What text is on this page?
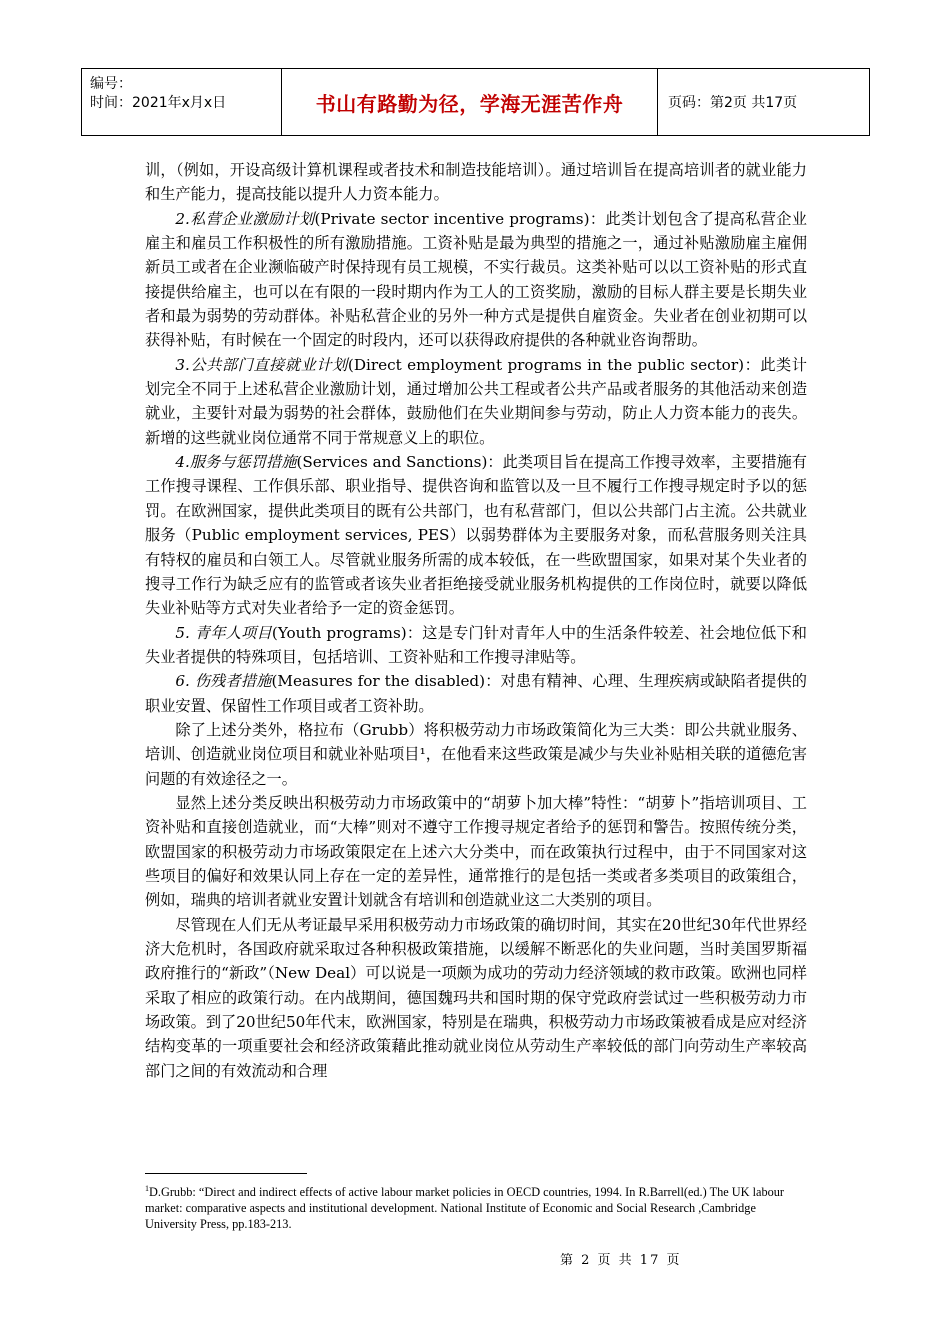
编号：
时间：2021年x月x日	书山有路勤为径，学海无涯苦作舟	页码：第2页 共17页

训，（例如，开设高级计算机课程或者技术和制造技能培训）。通过培训旨在提高培训者的就业能力和生产能力，提高技能以提升人力资本能力。

2.私营企业激励计划(Private sector incentive programs)：此类计划包含了提高私营企业雇主和雇员工作积极性的所有激励措施。工资补贴是最为典型的措施之一，通过补贴激励雇主雇佣新员工或者在企业濒临破产时保持现有员工规模，不实行裁员。这类补贴可以以工资补贴的形式直接提供给雇主，也可以在有限的一段时期内作为工人的工资奖励，激励的目标人群主要是长期失业者和最为弱势的劳动群体。补贴私营企业的另外一种方式是提供自雇资金。失业者在创业初期可以获得补贴，有时候在一个固定的时段内，还可以获得政府提供的各种就业咨询帮助。

3.公共部门直接就业计划(Direct employment programs in the public sector)：此类计划完全不同于上述私营企业激励计划，通过增加公共工程或者公共产品或者服务的其他活动来创造就业，主要针对最为弱势的社会群体，鼓励他们在失业期间参与劳动，防止人力资本能力的丧失。新增的这些就业岗位通常不同于常规意义上的职位。

4.服务与惩罚措施(Services and Sanctions)：此类项目旨在提高工作搜寻效率，主要措施有工作搜寻课程、工作俱乐部、职业指导、提供咨询和监管以及一旦不履行工作搜寻规定时予以的惩罚。在欧洲国家，提供此类项目的既有公共部门，也有私营部门，但以公共部门占主流。公共就业服务（Public employment services, PES）以弱势群体为主要服务对象，而私营服务则关注具有特权的雇员和白领工人。尽管就业服务所需的成本较低，在一些欧盟国家，如果对某个失业者的搜寻工作行为缺乏应有的监管或者该失业者拒绝接受就业服务机构提供的工作岗位时，就要以降低失业补贴等方式对失业者给予一定的资金惩罚。

5. 青年人项目(Youth programs)：这是专门针对青年人中的生活条件较差、社会地位低下和失业者提供的特殊项目，包括培训、工资补贴和工作搜寻津贴等。

6. 伤残者措施(Measures for the disabled)：对患有精神、心理、生理疾病或缺陷者提供的职业安置、保留性工作项目或者工资补助。

除了上述分类外，格拉布（Grubb）将积极劳动力市场政策简化为三大类：即公共就业服务、培训、创造就业岗位项目和就业补贴项目¹，在他看来这些政策是减少与失业补贴相关联的道德危害问题的有效途径之一。

显然上述分类反映出积极劳动力市场政策中的“胡萝卜加大棒”特性：“胡萝卜”指培训项目、工资补贴和直接创造就业，而“大棒”则对不遵守工作搜寻规定者给予的惩罚和警告。按照传统分类，欧盟国家的积极劳动力市场政策限定在上述六大分类中，而在政策执行过程中，由于不同国家对这些项目的偏好和效果认同上存在一定的差异性，通常推行的是包括一类或者多类项目的政策组合，例如，瑞典的培训者就业安置计划就含有培训和创造就业这二大类别的项目。

尽管现在人们无从考证最早采用积极劳动力市场政策的确切时间，其实在20世纪30年代世界经济大危机时，各国政府就采取过各种积极政策措施，以缓解不断恶化的失业问题，当时美国罗斯福政府推行的“新政”（New Deal）可以说是一项颇为成功的劳动力经济领域的救市政策。欧洲也同样采取了相应的政策行动。在内战期间，德国魏玛共和国时期的保守党政府尝试过一些积极劳动力市场政策。到了20世纪50年代末，欧洲国家，特别是在瑞典，积极劳动力市场政策被看成是应对经济结构变革的一项重要社会和经济政策藉此推动就业岗位从劳动生产率较低的部门向劳动生产率较高部门之间的有效流动和合理

$^1$D.Grubb: “Direct and indirect effects of active labour market policies in OECD countries, 1994. In R.Barrell(ed.) The UK labour market: comparative aspects and institutional development. National Institute of Economic and Social Research ,Cambridge University Press, pp.183-213.
第 2 页 共 17 页
